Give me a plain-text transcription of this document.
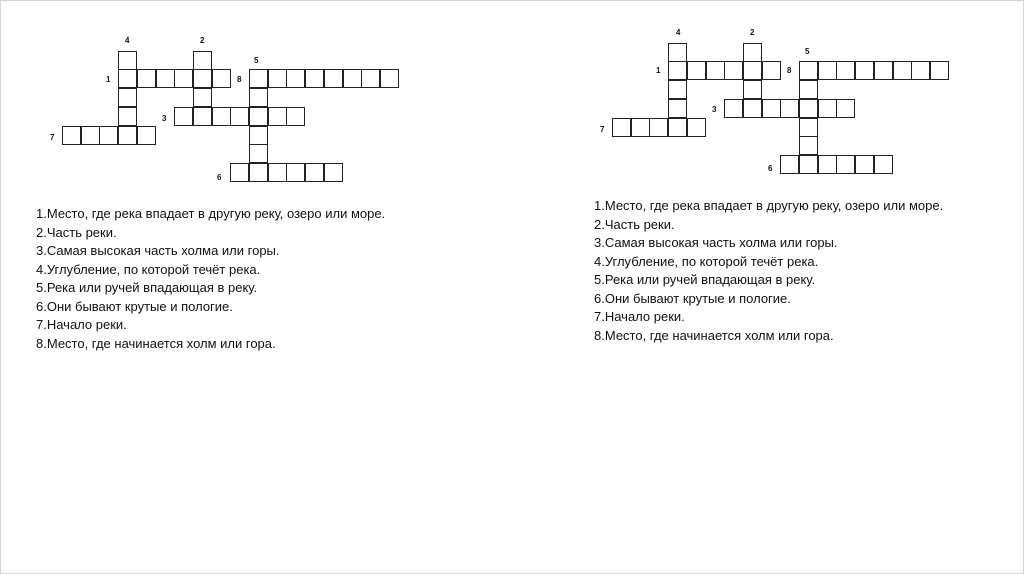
4	2
5
1	8
3
7
6
1.Место, где река впадает в другую реку, озеро или море.
2.Часть реки.
3.Самая высокая часть холма или горы.
4.Углубление, по которой течёт река.
5.Река или ручей впадающая в реку.
6.Они бывают крутые и пологие.
7.Начало реки.
8.Место, где начинается холм или гора.
4	2
5
1	8
3
7
6
1.Место, где река впадает в другую реку, озеро или море.
2.Часть реки.
3.Самая высокая часть холма или горы.
4.Углубление, по которой течёт река.
5.Река или ручей впадающая в реку.
6.Они бывают крутые и пологие.
7.Начало реки.
8.Место, где начинается холм или гора.
